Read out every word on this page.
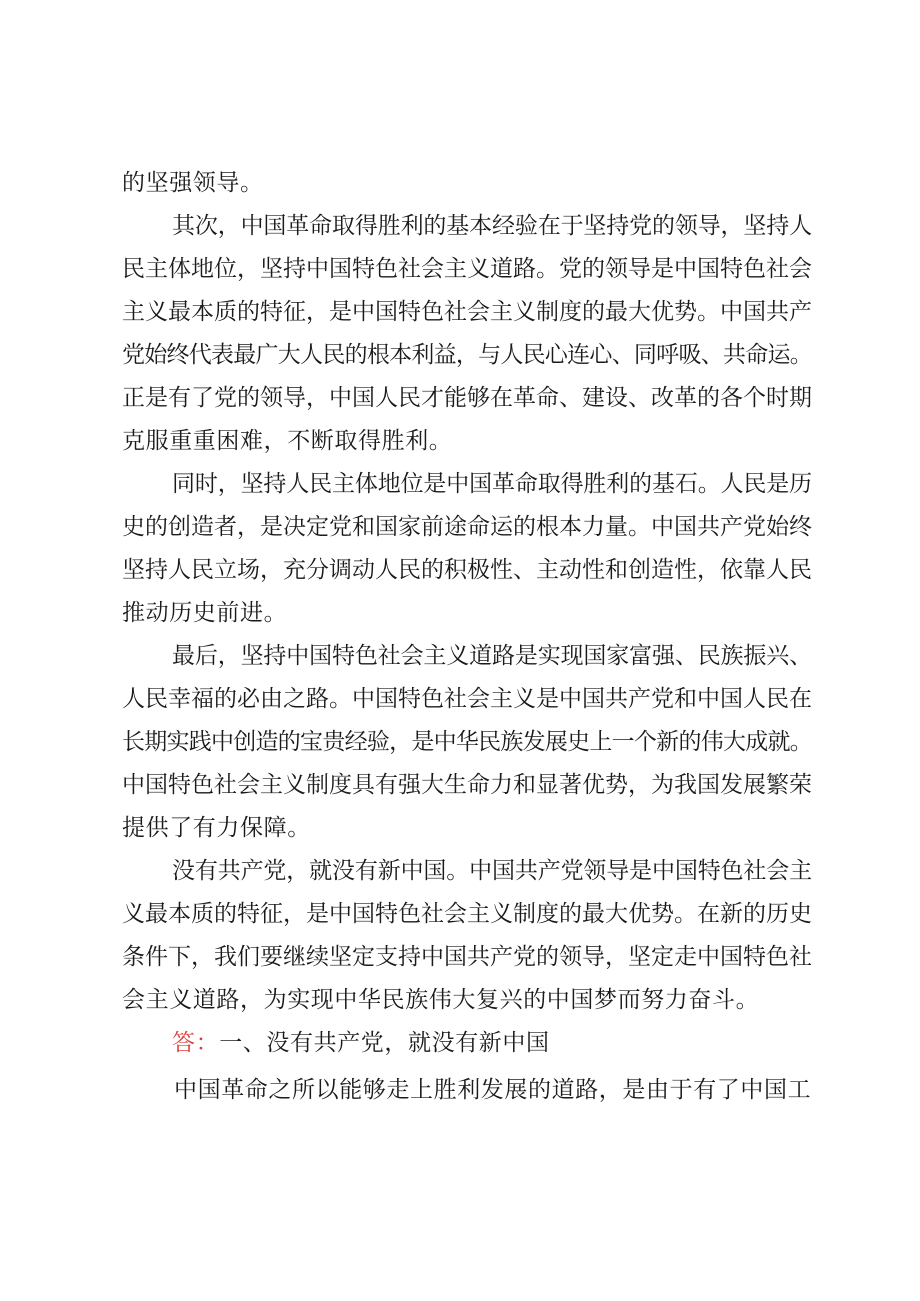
的坚强领导。
其次，中国革命取得胜利的基本经验在于坚持党的领导，坚持人
民主体地位，坚持中国特色社会主义道路。党的领导是中国特色社会
主义最本质的特征，是中国特色社会主义制度的最大优势。中国共产
党始终代表最广大人民的根本利益，与人民心连心、同呼吸、共命运。
正是有了党的领导，中国人民才能够在革命、建设、改革的各个时期
克服重重困难，不断取得胜利。
同时，坚持人民主体地位是中国革命取得胜利的基石。人民是历
史的创造者，是决定党和国家前途命运的根本力量。中国共产党始终
坚持人民立场，充分调动人民的积极性、主动性和创造性，依靠人民
推动历史前进。
最后，坚持中国特色社会主义道路是实现国家富强、民族振兴、
人民幸福的必由之路。中国特色社会主义是中国共产党和中国人民在
长期实践中创造的宝贵经验，是中华民族发展史上一个新的伟大成就。
中国特色社会主义制度具有强大生命力和显著优势，为我国发展繁荣
提供了有力保障。
没有共产党，就没有新中国。中国共产党领导是中国特色社会主
义最本质的特征，是中国特色社会主义制度的最大优势。在新的历史
条件下，我们要继续坚定支持中国共产党的领导，坚定走中国特色社
会主义道路，为实现中华民族伟大复兴的中国梦而努力奋斗。
答：一、没有共产党，就没有新中国
中国革命之所以能够走上胜利发展的道路，是由于有了中国工
